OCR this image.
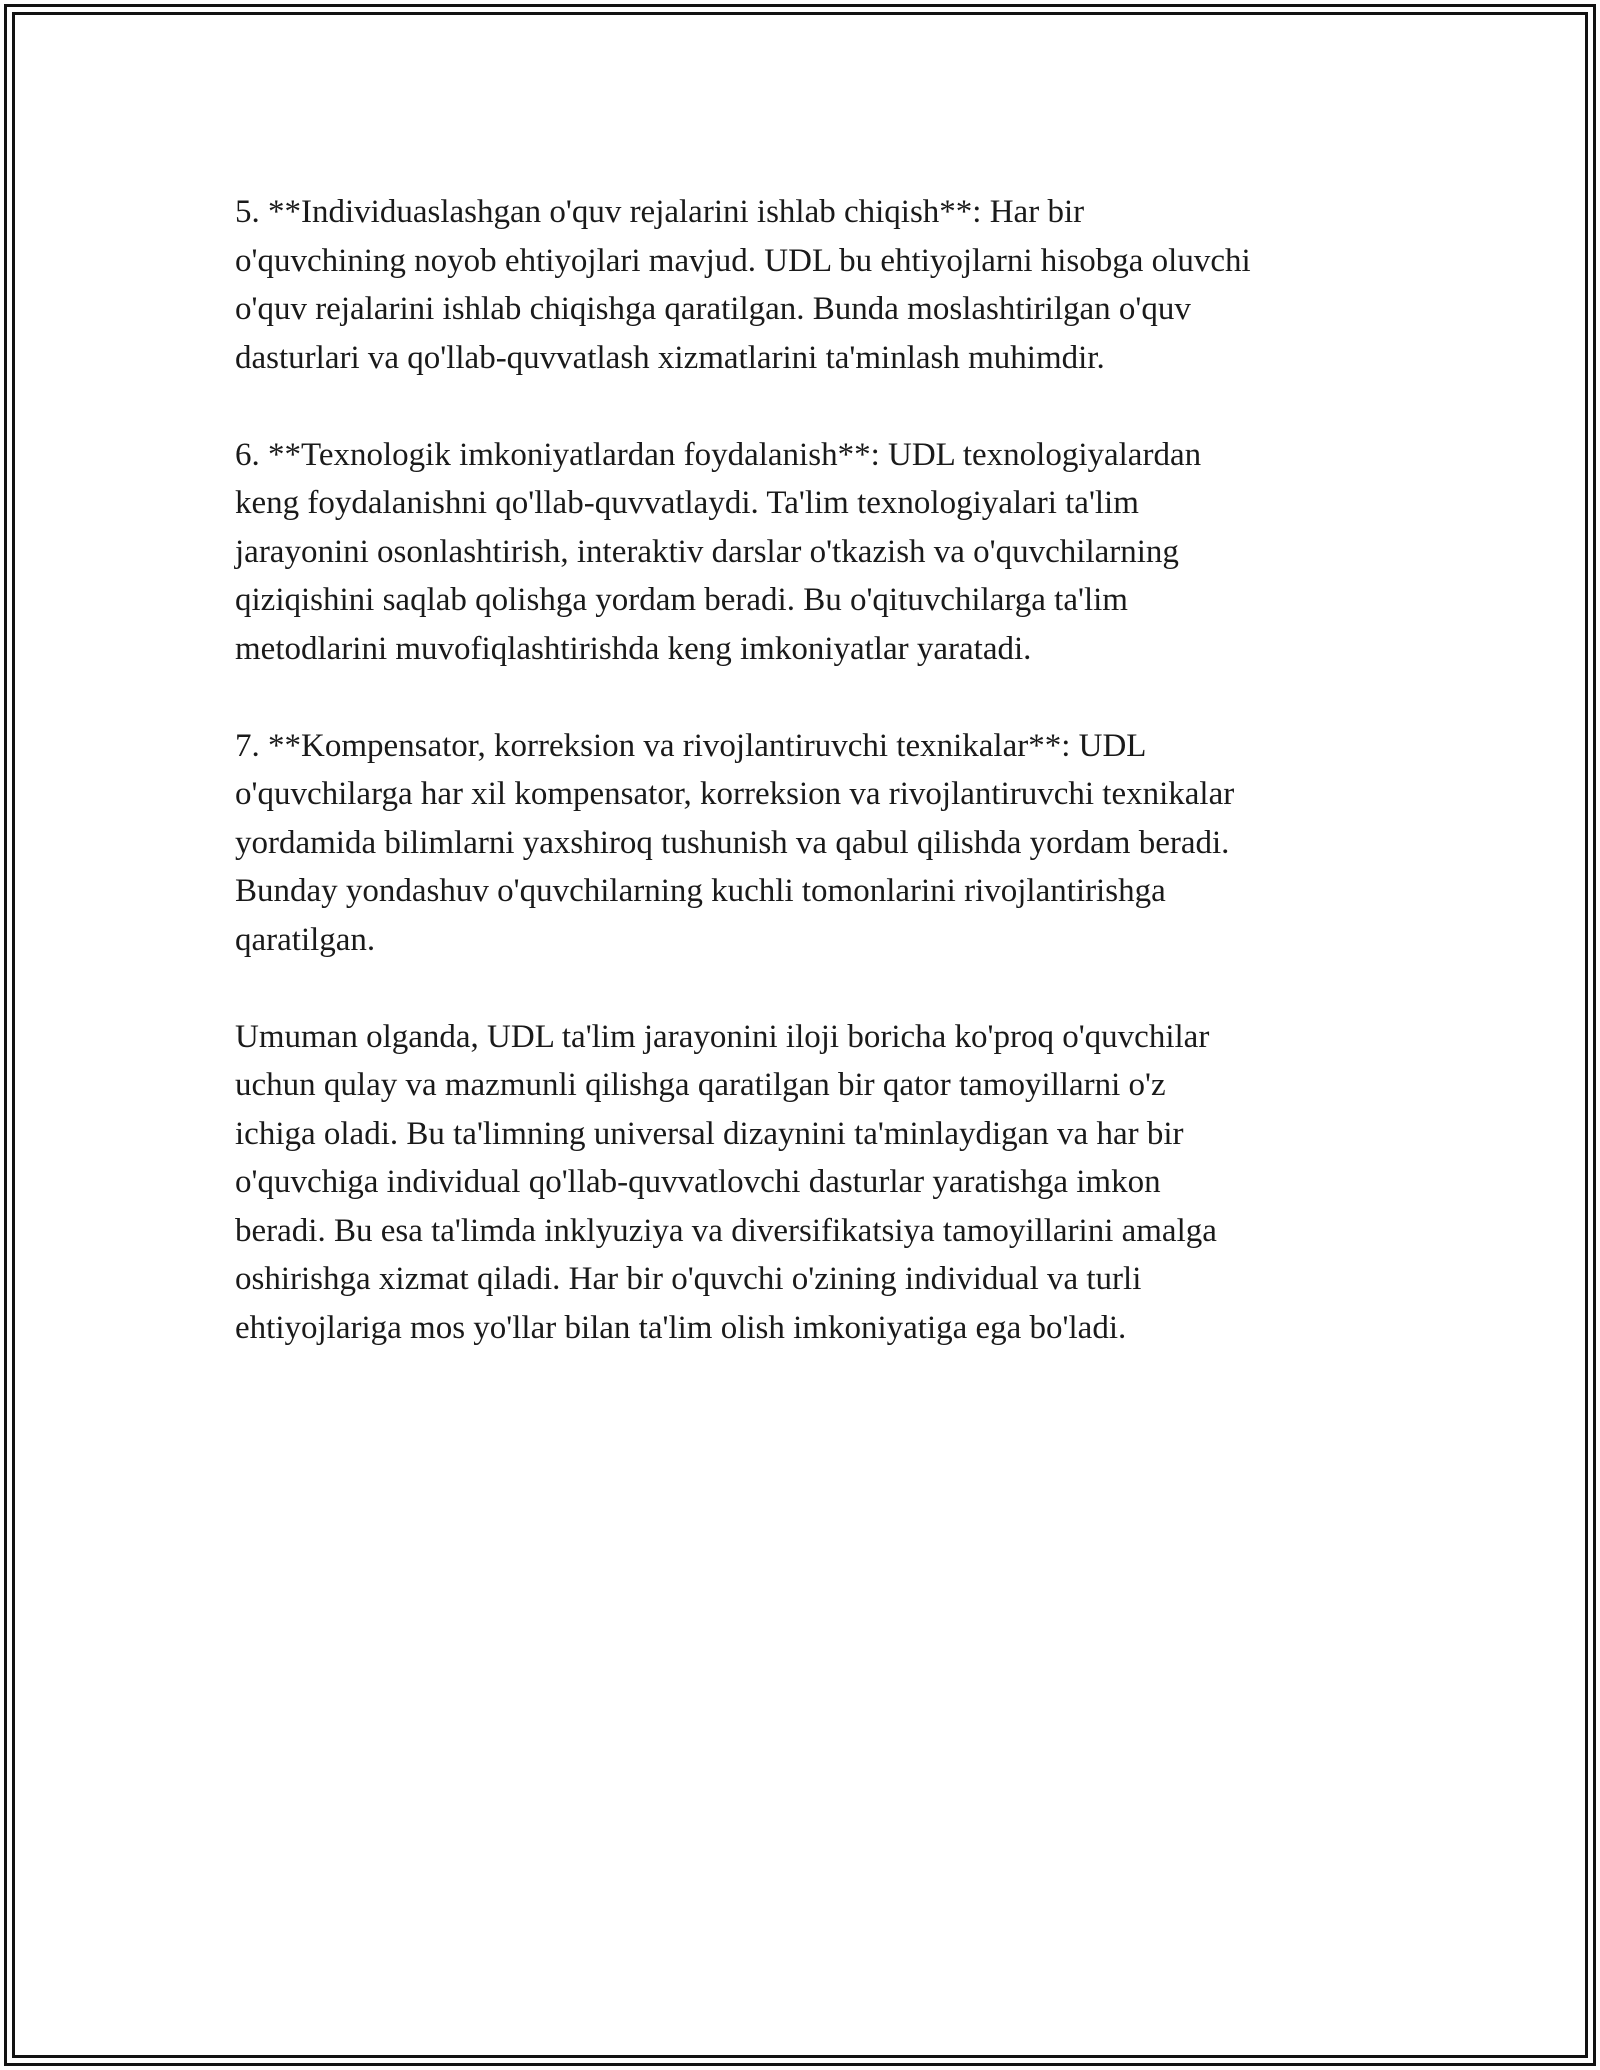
5. **Individuaslashgan o'quv rejalarini ishlab chiqish**: Har bir
o'quvchining noyob ehtiyojlari mavjud. UDL bu ehtiyojlarni hisobga oluvchi
o'quv rejalarini ishlab chiqishga qaratilgan. Bunda moslashtirilgan o'quv
dasturlari va qo'llab-quvvatlash xizmatlarini ta'minlash muhimdir.

6. **Texnologik imkoniyatlardan foydalanish**: UDL texnologiyalardan
keng foydalanishni qo'llab-quvvatlaydi. Ta'lim texnologiyalari ta'lim
jarayonini osonlashtirish, interaktiv darslar o'tkazish va o'quvchilarning
qiziqishini saqlab qolishga yordam beradi. Bu o'qituvchilarga ta'lim
metodlarini muvofiqlashtirishda keng imkoniyatlar yaratadi.

7. **Kompensator, korreksion va rivojlantiruvchi texnikalar**: UDL
o'quvchilarga har xil kompensator, korreksion va rivojlantiruvchi texnikalar
yordamida bilimlarni yaxshiroq tushunish va qabul qilishda yordam beradi.
Bunday yondashuv o'quvchilarning kuchli tomonlarini rivojlantirishga
qaratilgan.

Umuman olganda, UDL ta'lim jarayonini iloji boricha ko'proq o'quvchilar
uchun qulay va mazmunli qilishga qaratilgan bir qator tamoyillarni o'z
ichiga oladi. Bu ta'limning universal dizaynini ta'minlaydigan va har bir
o'quvchiga individual qo'llab-quvvatlovchi dasturlar yaratishga imkon
beradi. Bu esa ta'limda inklyuziya va diversifikatsiya tamoyillarini amalga
oshirishga xizmat qiladi. Har bir o'quvchi o'zining individual va turli
ehtiyojlariga mos yo'llar bilan ta'lim olish imkoniyatiga ega bo'ladi.
